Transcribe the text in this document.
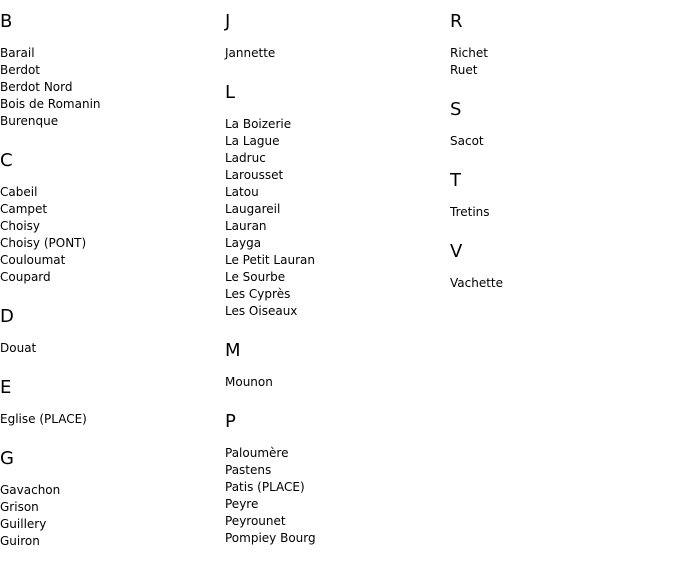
B
Barail
Berdot
Berdot Nord
Bois de Romanin
Burenque
C
Cabeil
Campet
Choisy
Choisy (PONT)
Couloumat
Coupard
D
Douat
E
Eglise (PLACE)
G
Gavachon
Grison
Guillery
Guiron
J
Jannette
L
La Boizerie
La Lague
Ladruc
Larousset
Latou
Laugareil
Lauran
Layga
Le Petit Lauran
Le Sourbe
Les Cyprès
Les Oiseaux
M
Mounon
P
Paloumère
Pastens
Patis (PLACE)
Peyre
Peyrounet
Pompiey Bourg
R
Richet
Ruet
S
Sacot
T
Tretins
V
Vachette
